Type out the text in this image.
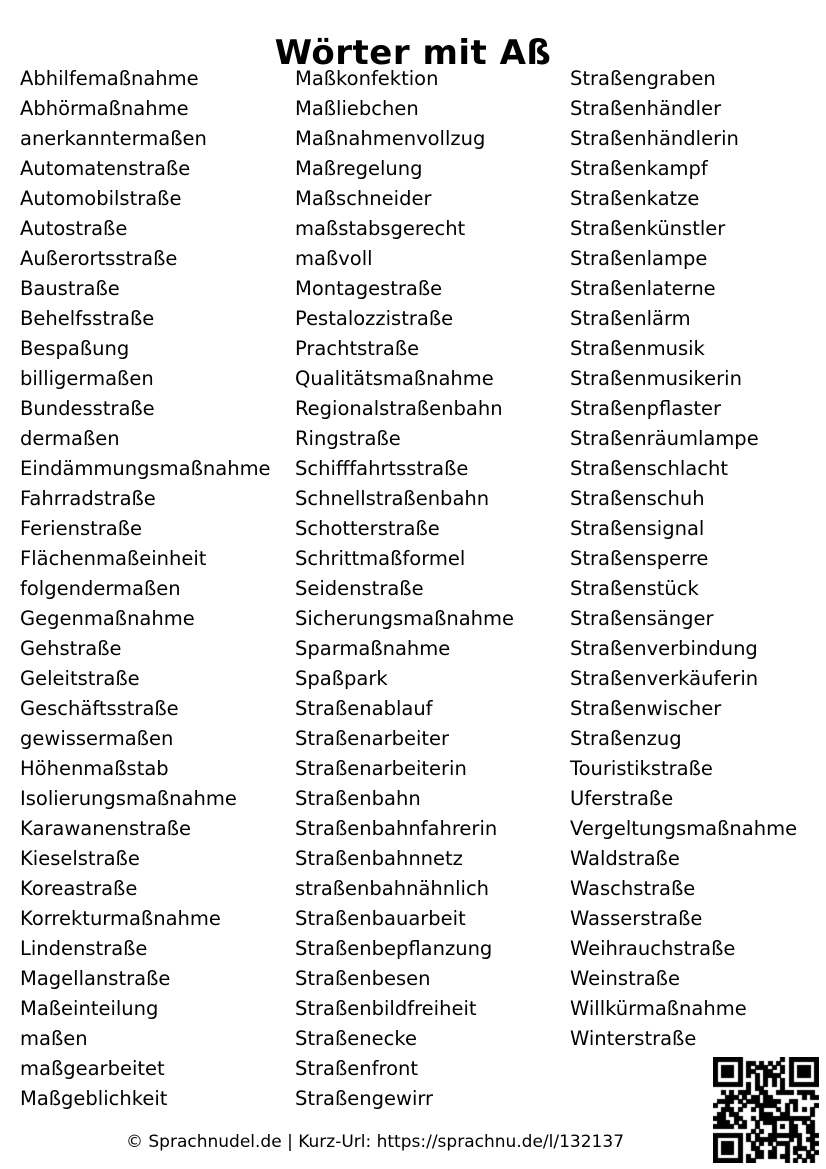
Wörter mit Aß
Abhilfemaßnahme
Abhörmaßnahme
anerkanntermaßen
Automatenstraße
Automobilstraße
Autostraße
Außerortsstraße
Baustraße
Behelfsstraße
Bespaßung
billigermaßen
Bundesstraße
dermaßen
Eindämmungsmaßnahme
Fahrradstraße
Ferienstraße
Flächenmaßeinheit
folgendermaßen
Gegenmaßnahme
Gehstraße
Geleitstraße
Geschäftsstraße
gewissermaßen
Höhenmaßstab
Isolierungsmaßnahme
Karawanenstraße
Kieselstraße
Koreastraße
Korrekturmaßnahme
Lindenstraße
Magellanstraße
Maßeinteilung
maßen
maßgearbeitet
Maßgeblichkeit
Maßkonfektion
Maßliebchen
Maßnahmenvollzug
Maßregelung
Maßschneider
maßstabsgerecht
maßvoll
Montagestraße
Pestalozzistraße
Prachtstraße
Qualitätsmaßnahme
Regionalstraßenbahn
Ringstraße
Schifffahrtsstraße
Schnellstraßenbahn
Schotterstraße
Schrittmaßformel
Seidenstraße
Sicherungsmaßnahme
Sparmaßnahme
Spaßpark
Straßenablauf
Straßenarbeiter
Straßenarbeiterin
Straßenbahn
Straßenbahnfahrerin
Straßenbahnnetz
straßenbahnähnlich
Straßenbauarbeit
Straßenbepflanzung
Straßenbesen
Straßenbildfreiheit
Straßenecke
Straßenfront
Straßengewirr
Straßengraben
Straßenhändler
Straßenhändlerin
Straßenkampf
Straßenkatze
Straßenkünstler
Straßenlampe
Straßenlaterne
Straßenlärm
Straßenmusik
Straßenmusikerin
Straßenpflaster
Straßenräumlampe
Straßenschlacht
Straßenschuh
Straßensignal
Straßensperre
Straßenstück
Straßensänger
Straßenverbindung
Straßenverkäuferin
Straßenwischer
Straßenzug
Touristikstraße
Uferstraße
Vergeltungsmaßnahme
Waldstraße
Waschstraße
Wasserstraße
Weihrauchstraße
Weinstraße
Willkürmaßnahme
Winterstraße
© Sprachnudel.de | Kurz-Url: https://sprachnu.de/l/132137
